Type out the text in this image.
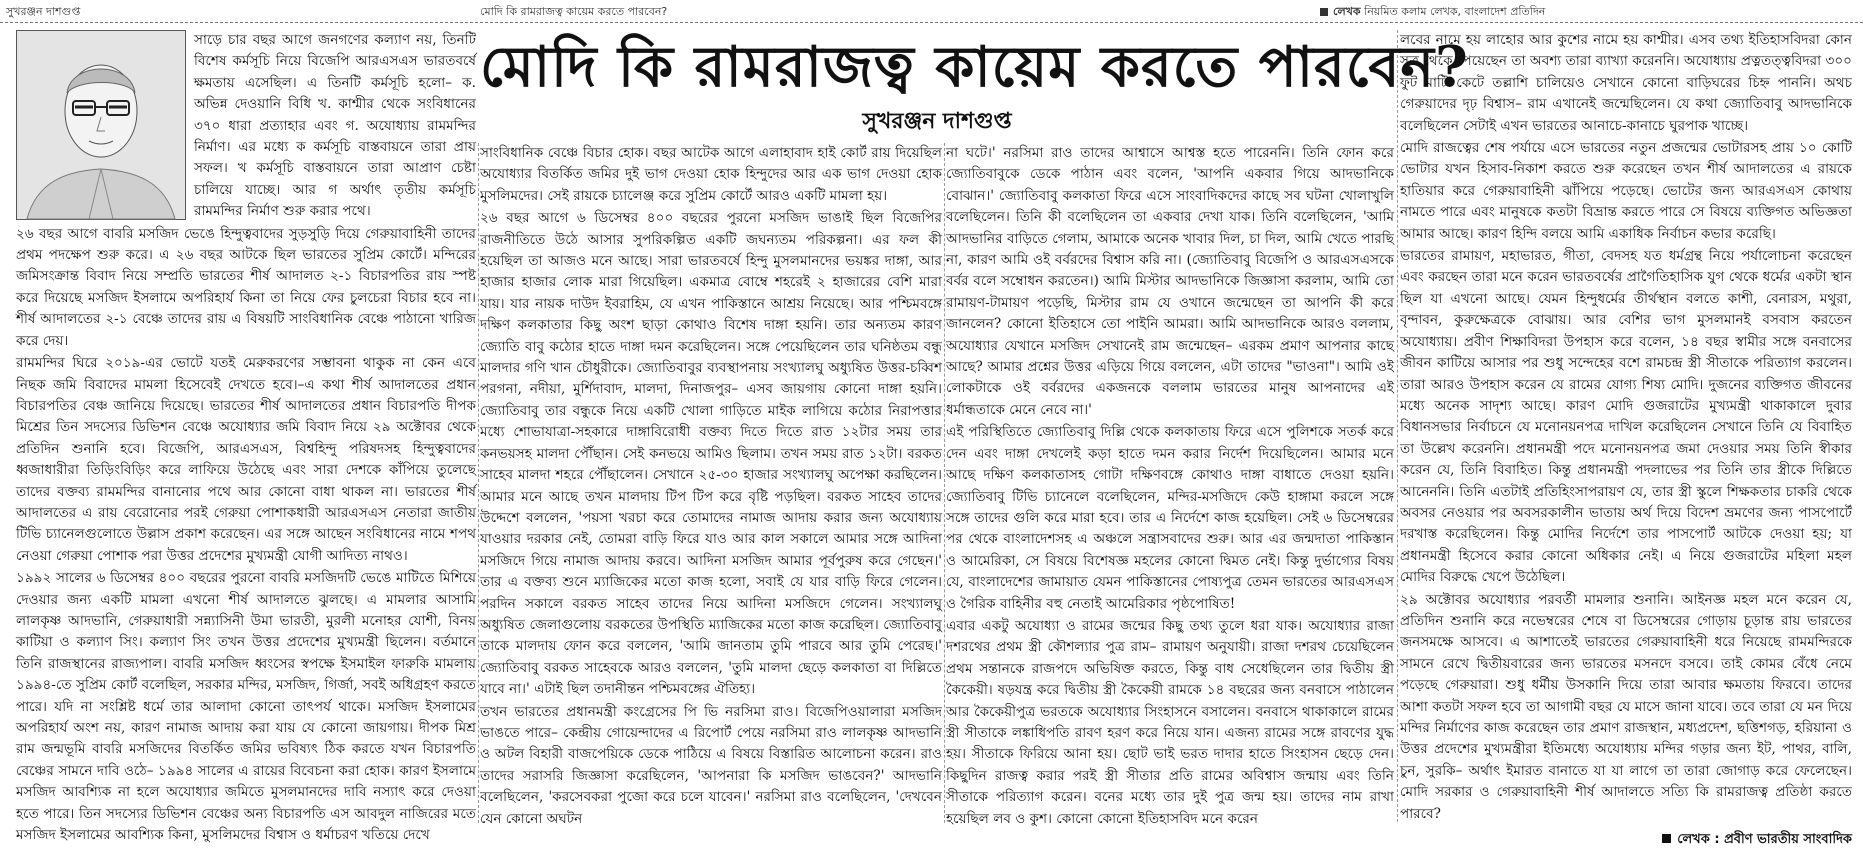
সুখরঞ্জন দাশগুপ্ত	মোদি কি রামরাজত্ব কায়েম করতে পারবেন?	লেখক নিয়মিত কলাম লেখক, বাংলাদেশ প্রতিদিন
মোদি কি রামরাজত্ব কায়েম করতে পারবেন?
সুখরঞ্জন দাশগুপ্ত

সাড়ে চার বছর আগে জনগণের কল্যাণ নয়, তিনটি বিশেষ কর্মসূচি নিয়ে বিজেপি আরএসএস ভারতবর্ষে ক্ষমতায় এসেছিল। এ তিনটি কর্মসূচি হলো– ক. অভিন্ন দেওয়ানি বিধি খ. কাশ্মীর থেকে সংবিধানের ৩৭০ ধারা প্রত্যাহার এবং গ. অযোধ্যায় রামমন্দির নির্মাণ। এর মধ্যে ক কর্মসূচি বাস্তবায়নে তারা প্রায় সফল। খ কর্মসূচি বাস্তবায়নে তারা আপ্রাণ চেষ্টা চালিয়ে যাচ্ছে। আর গ অর্থাৎ তৃতীয় কর্মসূচি রামমন্দির নির্মাণ শুরু করার পথে।

২৬ বছর আগে বাবরি মসজিদ ভেঙে হিন্দুত্ববাদের সুড়সুড়ি দিয়ে গেরুয়াবাহিনী তাদের প্রথম পদক্ষেপ শুরু করে। এ ২৬ বছর আটকে ছিল ভারতের সুপ্রিম কোর্টে। মন্দিরের জমিসংক্রান্ত বিবাদ নিয়ে সম্প্রতি ভারতের শীর্ষ আদালত ২-১ বিচারপতির রায় স্পষ্ট করে দিয়েছে মসজিদ ইসলামে অপরিহার্য কিনা তা নিয়ে ফের চুলচেরা বিচার হবে না। শীর্ষ আদালতের ২-১ বেঞ্চে তাদের রায় এ বিষয়টি সাংবিধানিক বেঞ্চে পাঠানো খারিজ করে দেয়।

রামমন্দির ঘিরে ২০১৯-এর ভোটে যতই মেরুকরণের সম্ভাবনা থাকুক না কেন এবে নিছক জমি বিবাদের মামলা হিসেবেই দেখতে হবে।–এ কথা শীর্ষ আদালতের প্রধান বিচারপতির বেঞ্চ জানিয়ে দিয়েছে। ভারতের শীর্ষ আদালতের প্রধান বিচারপতি দীপক মিশ্রের তিন সদস্যের ডিভিশন বেঞ্চে অযোধ্যার জমি বিবাদ নিয়ে ২৯ অক্টোবর থেকে প্রতিদিন শুনানি হবে। বিজেপি, আরএসএস, বিশ্বহিন্দু পরিষদসহ হিন্দুত্ববাদের ধ্বজাধারীরা তিড়িংবিড়িং করে লাফিয়ে উঠেছে এবং সারা দেশকে কাঁপিয়ে তুলেছে তাদের বক্তব্য রামমন্দির বানানোর পথে আর কোনো বাধা থাকল না। ভারতের শীর্ষ আদালতের এ রায় বেরোনোর পরই গেরুয়া পোশাকধারী আরএসএস নেতারা জাতীয় টিভি চ্যানেলগুলোতে উল্লাস প্রকাশ করেছেন। এর সঙ্গে আছেন সংবিধানের নামে শপথ নেওয়া গেরুয়া পোশাক পরা উত্তর প্রদেশের মুখ্যমন্ত্রী যোগী আদিত্য নাথও।

১৯৯২ সালের ৬ ডিসেম্বর ৪০০ বছরের পুরনো বাবরি মসজিদটি ভেঙে মাটিতে মিশিয়ে দেওয়ার জন্য একটি মামলা এখনো শীর্ষ আদালতে ঝুলছে। এ মামলার আসামি লালকৃষ্ণ আদভানি, গেরুয়াধারী সন্ন্যাসিনী উমা ভারতী, মুরলী মনোহর যোশী, বিনয় কাটিয়া ও কল্যাণ সিং। কল্যাণ সিং তখন উত্তর প্রদেশের মুখ্যমন্ত্রী ছিলেন। বর্তমানে তিনি রাজস্থানের রাজ্যপাল। বাবরি মসজিদ ধ্বংসের স্বপক্ষে ইসমাইল ফারুকি মামলায় ১৯৯৪-তে সুপ্রিম কোর্ট বলেছিল, সরকার মন্দির, মসজিদ, গির্জা, সবই অধিগ্রহণ করতে পারে। যদি না সংশ্লিষ্ট ধর্মে তার আলাদা কোনো তাৎপর্য থাকে। মসজিদ ইসলামের অপরিহার্য অংশ নয়, কারণ নামাজ আদায় করা যায় যে কোনো জায়গায়। দীপক মিশ্র রাম জন্মভূমি বাবরি মসজিদের বিতর্কিত জমির ভবিষ্যৎ ঠিক করতে যখন বিচারপতি বেঞ্চের সামনে দাবি ওঠে– ১৯৯৪ সালের এ রায়ের বিবেচনা করা হোক। কারণ ইসলামে মসজিদ আবশ্যিক না হলে অযোধ্যার জমিতে মুসলমানদের দাবি নস্যাৎ করে দেওয়া হতে পারে। তিন সদস্যের ডিভিশন বেঞ্চের অন্য বিচারপতি এস আবদুল নাজিরের মতে মসজিদ ইসলামের আবশ্যিক কিনা, মুসলিমদের বিশ্বাস ও ধর্মাচরণ খতিয়ে দেখে

সাংবিধানিক বেঞ্চে বিচার হোক। বছর আটেক আগে এলাহাবাদ হাই কোর্ট রায় দিয়েছিল অযোধ্যার বিতর্কিত জমির দুই ভাগ দেওয়া হোক হিন্দুদের আর এক ভাগ দেওয়া হোক মুসলিমদের। সেই রায়কে চ্যালেঞ্জ করে সুপ্রিম কোর্টে আরও একটি মামলা হয়।

২৬ বছর আগে ৬ ডিসেম্বর ৪০০ বছরের পুরনো মসজিদ ভাঙাই ছিল বিজেপির রাজনীতিতে উঠে আসার সুপরিকল্পিত একটি জঘন্যতম পরিকল্পনা। এর ফল কী হয়েছিল তা আজও মনে আছে। সারা ভারতবর্ষে হিন্দু মুসলমানদের ভয়ঙ্কর দাঙ্গা, আর হাজার হাজার লোক মারা গিয়েছিল। একমাত্র বোম্বে শহরেই ২ হাজারের বেশি মারা যায়। যার নায়ক দাউদ ইবরাহিম, যে এখন পাকিস্তানে আশ্রয় নিয়েছে। আর পশ্চিমবঙ্গে দক্ষিণ কলকাতার কিছু অংশ ছাড়া কোথাও বিশেষ দাঙ্গা হয়নি। তার অন্যতম কারণ জ্যোতি বাবু কঠোর হাতে দাঙ্গা দমন করেছিলেন। সঙ্গে পেয়েছিলেন তার ঘনিষ্ঠতম বন্ধু মালদার গণি খান চৌধুরীকে। জ্যোতিবাবুর ব্যবস্থাপনায় সংখ্যালঘু অধ্যুষিত উত্তর-চব্বিশ পরগনা, নদীয়া, মুর্শিদাবাদ, মালদা, দিনাজপুর– এসব জায়গায় কোনো দাঙ্গা হয়নি। জ্যোতিবাবু তার বন্ধুকে নিয়ে একটি খোলা গাড়িতে মাইক লাগিয়ে কঠোর নিরাপত্তার মধ্যে শোভাযাত্রা-সহকারে দাঙ্গাবিরোধী বক্তব্য দিতে দিতে রাত ১২টার সময় তার কনভয়সহ মালদা পৌঁছান। সেই কনভয়ে আমিও ছিলাম। তখন সময় রাত ১২টা। বরকত সাহেব মালদা শহরে পৌঁছালেন। সেখানে ২৫-৩০ হাজার সংখ্যালঘু অপেক্ষা করছিলেন। আমার মনে আছে তখন মালদায় টিপ টিপ করে বৃষ্টি পড়ছিল। বরকত সাহেব তাদের উদ্দেশে বললেন, 'পয়সা খরচা করে তোমাদের নামাজ আদায় করার জন্য অযোধ্যায় যাওয়ার দরকার নেই, তোমরা বাড়ি ফিরে যাও আর কাল সকালে আমার সঙ্গে আদিনা মসজিদে গিয়ে নামাজ আদায় করবে। আদিনা মসজিদ আমার পূর্বপুরুষ করে গেছেন।' তার এ বক্তব্য শুনে ম্যাজিকের মতো কাজ হলো, সবাই যে যার বাড়ি ফিরে গেলেন। পরদিন সকালে বরকত সাহেব তাদের নিয়ে আদিনা মসজিদে গেলেন। সংখ্যালঘু অধ্যুষিত জেলাগুলোয় বরকতের উপস্থিতি ম্যাজিকের মতো কাজ করেছিল। জ্যোতিবাবু তাকে মালদায় ফোন করে বললেন, 'আমি জানতাম তুমি পারবে আর তুমি পেরেছ।' জ্যোতিবাবু বরকত সাহেবকে আরও বললেন, 'তুমি মালদা ছেড়ে কলকাতা বা দিল্লিতে যাবে না।' এটাই ছিল তদানীন্তন পশ্চিমবঙ্গের ঐতিহ্য।

তখন ভারতের প্রধানমন্ত্রী কংগ্রেসের পি ভি নরসিমা রাও। বিজেপিওয়ালারা মসজিদ ভাঙতে পারে– কেন্দ্রীয় গোয়েন্দাদের এ রিপোর্ট পেয়ে নরসিমা রাও লালকৃষ্ণ আদভানি ও অটল বিহারী বাজপেয়িকে ডেকে পাঠিয়ে এ বিষয়ে বিস্তারিত আলোচনা করেন। রাও তাদের সরাসরি জিজ্ঞাসা করেছিলেন, 'আপনারা কি মসজিদ ভাঙবেন?' আদভানি বলেছিলেন, 'করসেবকরা পুজো করে চলে যাবেন।' নরসিমা রাও বলেছিলেন, 'দেখবেন যেন কোনো অঘটন

না ঘটে।' নরসিমা রাও তাদের আশ্বাসে আশ্বস্ত হতে পারেননি। তিনি ফোন করে জ্যোতিবাবুকে ডেকে পাঠান এবং বলেন, 'আপনি একবার গিয়ে আদভানিকে বোঝান।' জ্যোতিবাবু কলকাতা ফিরে এসে সাংবাদিকদের কাছে সব ঘটনা খোলাখুলি বলেছিলেন। তিনি কী বলেছিলেন তা একবার দেখা যাক। তিনি বলেছিলেন, 'আমি আদভানির বাড়িতে গেলাম, আমাকে অনেক খাবার দিল, চা দিল, আমি খেতে পারছি না, কারণ আমি ওই বর্বরদের বিশ্বাস করি না। (জ্যোতিবাবু বিজেপি ও আরএসএসকে বর্বর বলে সম্বোধন করতেন।) আমি মিস্টার আদভানিকে জিজ্ঞাসা করলাম, আমি তো রামায়ণ-টামায়ণ পড়েছি, মিস্টার রাম যে ওখানে জন্মেছেন তা আপনি কী করে জানলেন? কোনো ইতিহাসে তো পাইনি আমরা। আমি আদভানিকে আরও বললাম, অযোধ্যার যেখানে মসজিদ সেখানেই রাম জন্মেছেন– এরকম প্রমাণ আপনার কাছে আছে? আমার প্রশ্নের উত্তর এড়িয়ে গিয়ে বললেন, এটা তাদের "ভাওনা"। আমি ওই লোকটাকে ওই বর্বরদের একজনকে বললাম ভারতের মানুষ আপনাদের এই ধর্মান্ধতাকে মেনে নেবে না।'

এই পরিস্থিতিতে জ্যোতিবাবু দিল্লি থেকে কলকাতায় ফিরে এসে পুলিশকে সতর্ক করে দেন এবং দাঙ্গা দেখলেই কড়া হাতে দমন করার নির্দেশ দিয়েছিলেন। আমার মনে আছে দক্ষিণ কলকাতাসহ গোটা দক্ষিণবঙ্গে কোথাও দাঙ্গা বাধাতে দেওয়া হয়নি। জ্যোতিবাবু টিভি চ্যানেলে বলেছিলেন, মন্দির-মসজিদে কেউ হাঙ্গামা করলে সঙ্গে সঙ্গে তাদের গুলি করে মারা হবে। তার এ নির্দেশে কাজ হয়েছিল। সেই ৬ ডিসেম্বরের পর থেকে বাংলাদেশসহ এ অঞ্চলে সন্ত্রাসবাদের শুরু। আর এর জন্মদাতা পাকিস্তান ও আমেরিকা, সে বিষয়ে বিশেষজ্ঞ মহলের কোনো দ্বিমত নেই। কিন্তু দুর্ভাগ্যের বিষয় যে, বাংলাদেশের জামায়াত যেমন পাকিস্তানের পোষ্যপুত্র তেমন ভারতের আরএসএস ও গৈরিক বাহিনীর বহু নেতাই আমেরিকার পৃষ্ঠপোষিত!

এবার একটু অযোধ্যা ও রামের জন্মের কিছু তথ্য তুলে ধরা যাক। অযোধ্যার রাজা দশরথের প্রথম স্ত্রী কৌশল্যার পুত্র রাম– রামায়ণ অনুযায়ী। রাজা দশরথ চেয়েছিলেন প্রথম সন্তানকে রাজপদে অভিষিক্ত করতে, কিন্তু বাধ সেধেছিলেন তার দ্বিতীয় স্ত্রী কৈকেয়ী। ষড়যন্ত্র করে দ্বিতীয় স্ত্রী কৈকেয়ী রামকে ১৪ বছরের জন্য বনবাসে পাঠালেন আর কৈকেয়ীপুত্র ভরতকে অযোধ্যার সিংহাসনে বসালেন। বনবাসে থাকাকালে রামের স্ত্রী সীতাকে লঙ্কাধিপতি রাবণ হরণ করে নিয়ে যান। এজন্য রামের সঙ্গে রাবণের যুদ্ধ হয়। সীতাকে ফিরিয়ে আনা হয়। ছোট ভাই ভরত দাদার হাতে সিংহাসন ছেড়ে দেন। কিছুদিন রাজত্ব করার পরই স্ত্রী সীতার প্রতি রামের অবিশ্বাস জন্মায় এবং তিনি সীতাকে পরিত্যাগ করেন। বনের মধ্যে তার দুই পুত্র জন্ম হয়। তাদের নাম রাখা হয়েছিল লব ও কুশ। কোনো কোনো ইতিহাসবিদ মনে করেন

লবের নামে হয় লাহোর আর কুশের নামে হয় কাশ্মীর। এসব তথ্য ইতিহাসবিদরা কোন সূত্র থেকে পেয়েছেন তা অবশ্য তারা ব্যাখ্যা করেননি। অযোধ্যায় প্রত্নতত্ত্ববিদরা ৩০০ ফুট মাটি কেটে তল্লাশি চালিয়েও সেখানে কোনো বাড়িঘরের চিহ্ন পাননি। অথচ গেরুয়াদের দৃঢ় বিশ্বাস– রাম এখানেই জন্মেছিলেন। যে কথা জ্যোতিবাবু আদভানিকে বলেছিলেন সেটাই এখন ভারতের আনাচে-কানাচে ঘুরপাক খাচ্ছে।

মোদি রাজত্বের শেষ পর্যায়ে এসে ভারতের নতুন প্রজন্মের ভোটারসহ প্রায় ১০ কোটি ভোটার যখন হিসাব-নিকাশ করতে শুরু করেছেন তখন শীর্ষ আদালতের এ রায়কে হাতিয়ার করে গেরুয়াবাহিনী ঝাঁপিয়ে পড়েছে। ভোটের জন্য আরএসএস কোথায় নামতে পারে এবং মানুষকে কতটা বিভ্রান্ত করতে পারে সে বিষয়ে ব্যক্তিগত অভিজ্ঞতা আমার আছে। কারণ হিন্দি বলয়ে আমি একাধিক নির্বাচন কভার করেছি।

ভারতের রামায়ণ, মহাভারত, গীতা, বেদসহ যত ধর্মগ্রন্থ নিয়ে পর্যালোচনা করেছেন এবং করছেন তারা মনে করেন ভারতবর্ষের প্রাগৈতিহাসিক যুগ থেকে ধর্মের একটা স্থান ছিল যা এখনো আছে। যেমন হিন্দুধর্মের তীর্থস্থান বলতে কাশী, বেনারস, মথুরা, বৃন্দাবন, কুরুক্ষেত্রকে বোঝায়। আর বেশির ভাগ মুসলমানই বসবাস করতেন অযোধ্যায়। প্রবীণ শিক্ষাবিদরা উপহাস করে বলেন, ১৪ বছর স্বামীর সঙ্গে বনবাসের জীবন কাটিয়ে আসার পর শুধু সন্দেহের বশে রামচন্দ্র স্ত্রী সীতাকে পরিত্যাগ করলেন। তারা আরও উপহাস করেন যে রামের যোগ্য শিষ্য মোদি। দুজনের ব্যক্তিগত জীবনের মধ্যে অনেক সাদৃশ্য আছে। কারণ মোদি গুজরাটের মুখ্যমন্ত্রী থাকাকালে দুবার বিধানসভার নির্বাচনে যে মনোনয়নপত্র দাখিল করেছিলেন সেখানে তিনি যে বিবাহিত তা উল্লেখ করেননি। প্রধানমন্ত্রী পদে মনোনয়নপত্র জমা দেওয়ার সময় তিনি স্বীকার করেন যে, তিনি বিবাহিত। কিন্তু প্রধানমন্ত্রী পদলাভের পর তিনি তার স্ত্রীকে দিল্লিতে আনেননি। তিনি এতটাই প্রতিহিংসাপরায়ণ যে, তার স্ত্রী স্কুলে শিক্ষকতার চাকরি থেকে অবসর নেওয়ার পর অবসরকালীন ভাতায় অর্থ দিয়ে বিদেশ ভ্রমণের জন্য পাসপোর্টে দরখাস্ত করেছিলেন। কিন্তু মোদির নির্দেশে তার পাসপোর্ট আটকে দেওয়া হয়; যা প্রধানমন্ত্রী হিসেবে করার কোনো অধিকার নেই। এ নিয়ে গুজরাটের মহিলা মহল মোদির বিরুদ্ধে খেপে উঠেছিল।

২৯ অক্টোবর অযোধ্যার পরবর্তী মামলার শুনানি। আইনজ্ঞ মহল মনে করেন যে, প্রতিদিন শুনানি করে নভেম্বরের শেষে বা ডিসেম্বরের গোড়ায় চূড়ান্ত রায় ভারতের জনসমক্ষে আসবে। এ আশাতেই ভারতের গেরুয়াবাহিনী ধরে নিয়েছে রামমন্দিরকে সামনে রেখে দ্বিতীয়বারের জন্য ভারতের মসনদে বসবে। তাই কোমর বেঁধে নেমে পড়েছে গেরুয়ারা। শুধু ধর্মীয় উসকানি দিয়ে তারা আবার ক্ষমতায় ফিরবে। তাদের আশা কতটা সফল হবে তা আগামী বছর যে মাসে জানা যাবে। তবে তারা যে মন দিয়ে মন্দির নির্মাণের কাজ করেছেন তার প্রমাণ রাজস্থান, মধ্যপ্রদেশ, ছত্তিশগড়, হরিয়ানা ও উত্তর প্রদেশের মুখ্যমন্ত্রীরা ইতিমধ্যে অযোধ্যায় মন্দির গড়ার জন্য ইট, পাথর, বালি, চুন, সুরকি– অর্থাৎ ইমারত বানাতে যা যা লাগে তা তারা জোগাড় করে ফেলেছেন। মোদি সরকার ও গেরুয়াবাহিনী শীর্ষ আদালতে সত্যি কি রামরাজত্ব প্রতিষ্ঠা করতে পারবে?

লেখক : প্রবীণ ভারতীয় সাংবাদিক
